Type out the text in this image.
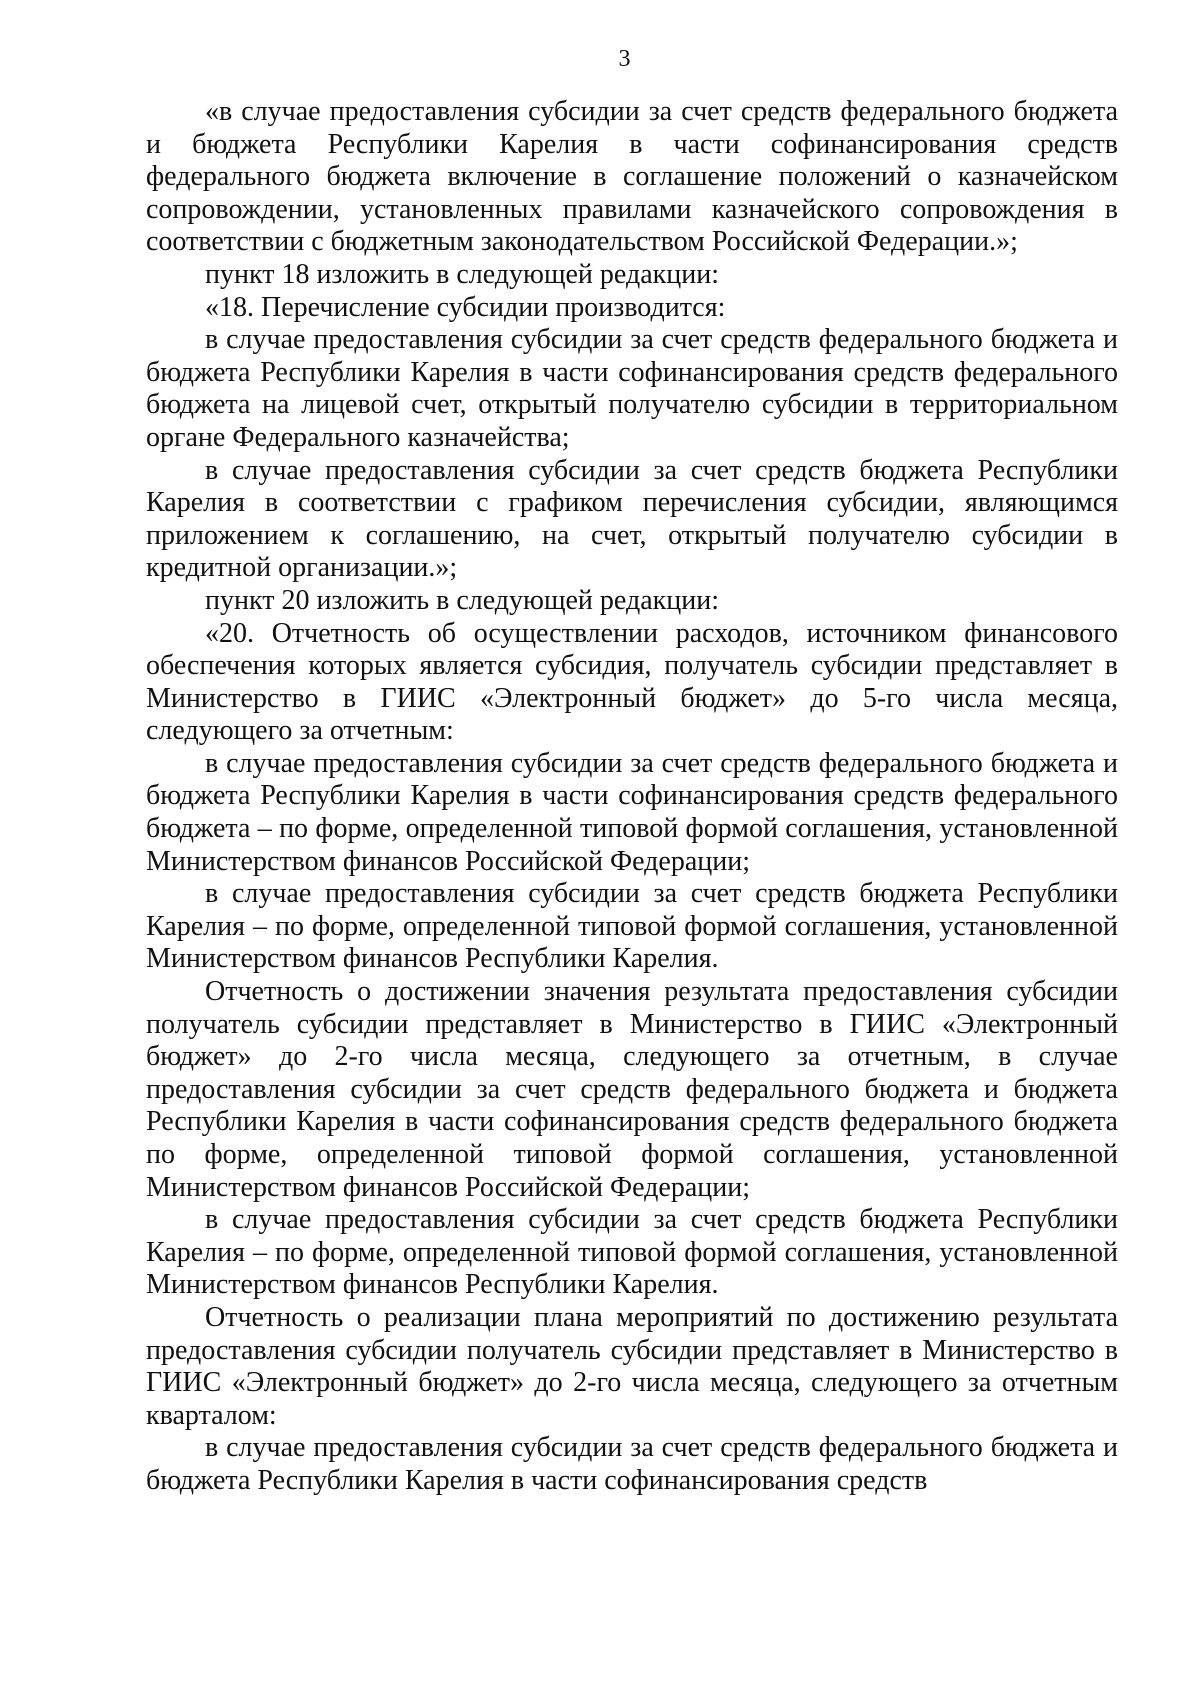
3

«в случае предоставления субсидии за счет средств федерального бюджета и бюджета Республики Карелия в части софинансирования средств федерального бюджета включение в соглашение положений о казначейском сопровождении, установленных правилами казначейского сопровождения в соответствии с бюджетным законодательством Российской Федерации.»;

пункт 18 изложить в следующей редакции:

«18. Перечисление субсидии производится:

в случае предоставления субсидии за счет средств федерального бюджета и бюджета Республики Карелия в части софинансирования средств федерального бюджета на лицевой счет, открытый получателю субсидии в территориальном органе Федерального казначейства;

в случае предоставления субсидии за счет средств бюджета Республики Карелия в соответствии с графиком перечисления субсидии, являющимся приложением к соглашению, на счет, открытый получателю субсидии в кредитной организации.»;

пункт 20 изложить в следующей редакции:

«20. Отчетность об осуществлении расходов, источником финансового обеспечения которых является субсидия, получатель субсидии представляет в Министерство в ГИИС «Электронный бюджет» до 5-го числа месяца, следующего за отчетным:

в случае предоставления субсидии за счет средств федерального бюджета и бюджета Республики Карелия в части софинансирования средств федерального бюджета – по форме, определенной типовой формой соглашения, установленной Министерством финансов Российской Федерации;

в случае предоставления субсидии за счет средств бюджета Республики Карелия – по форме, определенной типовой формой соглашения, установленной Министерством финансов Республики Карелия.

Отчетность о достижении значения результата предоставления субсидии получатель субсидии представляет в Министерство в ГИИС «Электронный бюджет» до 2-го числа месяца, следующего за отчетным, в случае предоставления субсидии за счет средств федерального бюджета и бюджета Республики Карелия в части софинансирования средств федерального бюджета по форме, определенной типовой формой соглашения, установленной Министерством финансов Российской Федерации;

в случае предоставления субсидии за счет средств бюджета Республики Карелия – по форме, определенной типовой формой соглашения, установленной Министерством финансов Республики Карелия.

Отчетность о реализации плана мероприятий по достижению результата предоставления субсидии получатель субсидии представляет в Министерство в ГИИС «Электронный бюджет» до 2-го числа месяца, следующего за отчетным кварталом:

в случае предоставления субсидии за счет средств федерального бюджета и бюджета Республики Карелия в части софинансирования средств
